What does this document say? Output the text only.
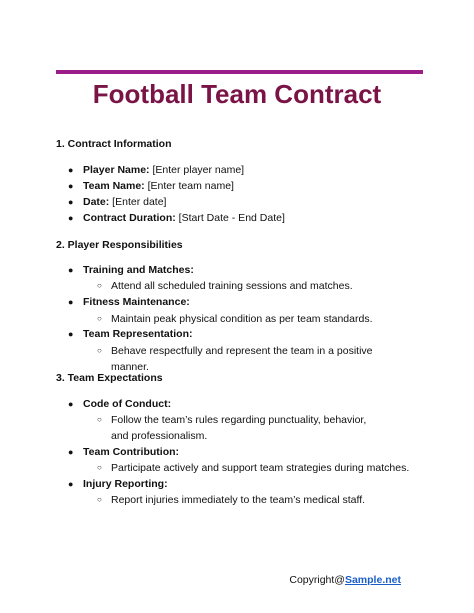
Football Team Contract
1. Contract Information
● Player Name: [Enter player name]
● Team Name: [Enter team name]
● Date: [Enter date]
● Contract Duration: [Start Date - End Date]
2. Player Responsibilities
● Training and Matches:
○ Attend all scheduled training sessions and matches.
● Fitness Maintenance:
○ Maintain peak physical condition as per team standards.
● Team Representation:
○ Behave respectfully and represent the team in a positive manner.
3. Team Expectations
● Code of Conduct:
○ Follow the team’s rules regarding punctuality, behavior, and professionalism.
● Team Contribution:
○ Participate actively and support team strategies during matches.
● Injury Reporting:
○ Report injuries immediately to the team’s medical staff.
Copyright@Sample.net
